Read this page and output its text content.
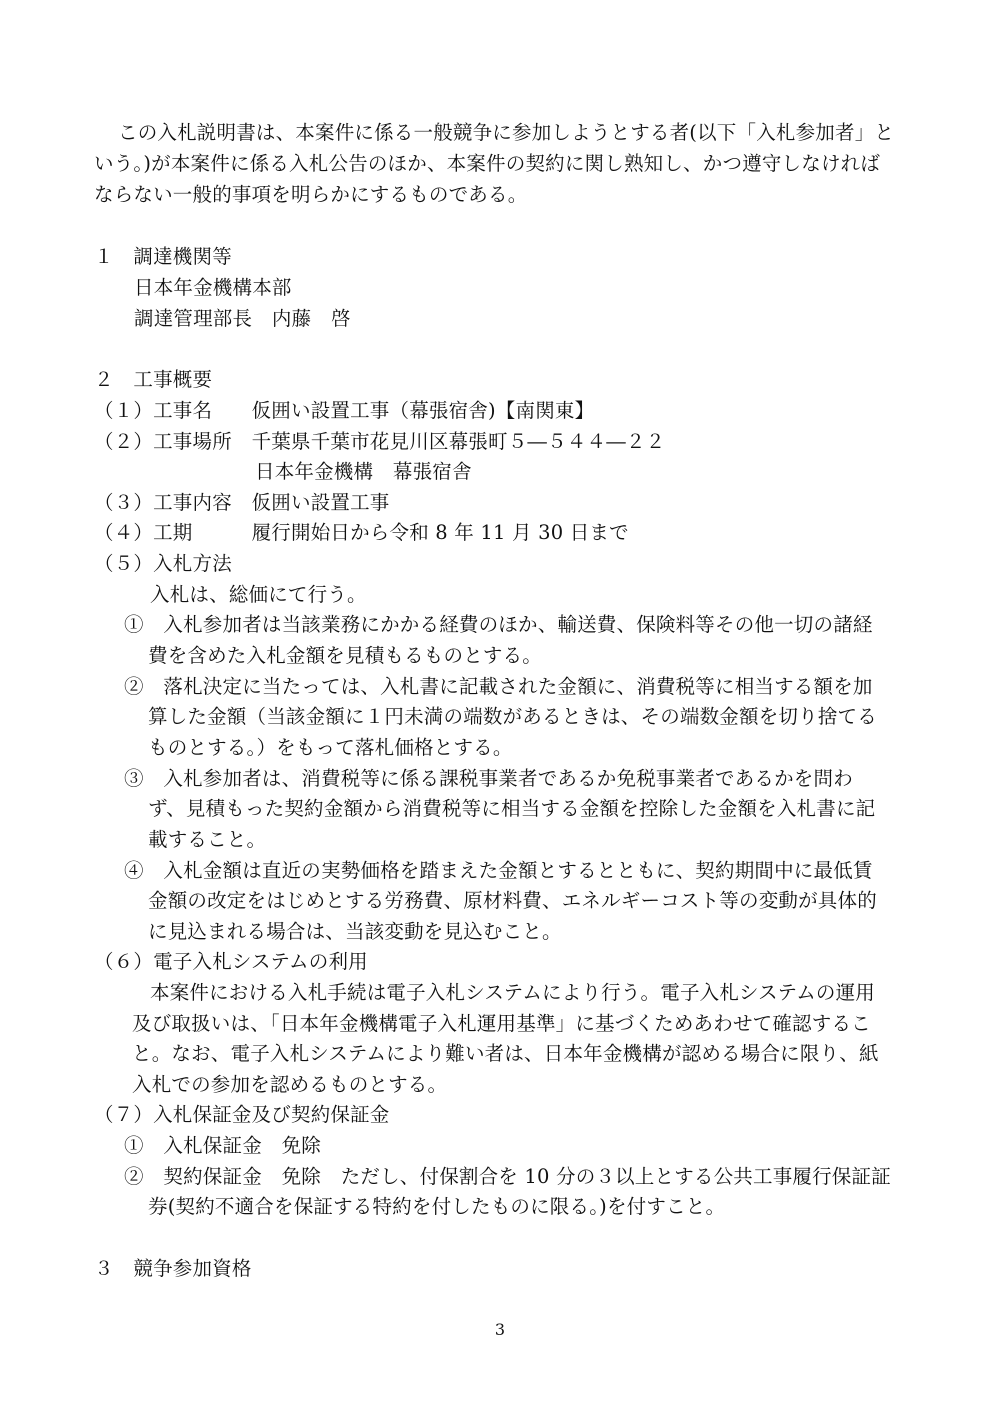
この入札説明書は、本案件に係る一般競争に参加しようとする者(以下「入札参加者」と
いう。)が本案件に係る入札公告のほか、本案件の契約に関し熟知し、かつ遵守しなければ
ならない一般的事項を明らかにするものである。
１　調達機関等
日本年金機構本部
調達管理部長　内藤　啓
２　工事概要
（１）工事名　　仮囲い設置工事（幕張宿舎)【南関東】
（２）工事場所　千葉県千葉市花見川区幕張町５―５４４―２２
日本年金機構　幕張宿舎
（３）工事内容　仮囲い設置工事
（４）工期　　　履行開始日から令和 8 年 11 月 30 日まで
（５）入札方法
入札は、総価にて行う。
①　入札参加者は当該業務にかかる経費のほか、輸送費、保険料等その他一切の諸経
費を含めた入札金額を見積もるものとする。
②　落札決定に当たっては、入札書に記載された金額に、消費税等に相当する額を加
算した金額（当該金額に１円未満の端数があるときは、その端数金額を切り捨てる
ものとする。）をもって落札価格とする。
③　入札参加者は、消費税等に係る課税事業者であるか免税事業者であるかを問わ
ず、見積もった契約金額から消費税等に相当する金額を控除した金額を入札書に記
載すること。
④　入札金額は直近の実勢価格を踏まえた金額とするとともに、契約期間中に最低賃
金額の改定をはじめとする労務費、原材料費、エネルギーコスト等の変動が具体的
に見込まれる場合は、当該変動を見込むこと。
（６）電子入札システムの利用
本案件における入札手続は電子入札システムにより行う。電子入札システムの運用
及び取扱いは、「日本年金機構電子入札運用基準」に基づくためあわせて確認するこ
と。なお、電子入札システムにより難い者は、日本年金機構が認める場合に限り、紙
入札での参加を認めるものとする。
（７）入札保証金及び契約保証金
①　入札保証金　免除
②　契約保証金　免除　ただし、付保割合を 10 分の３以上とする公共工事履行保証証
券(契約不適合を保証する特約を付したものに限る。)を付すこと。
３　競争参加資格
3
